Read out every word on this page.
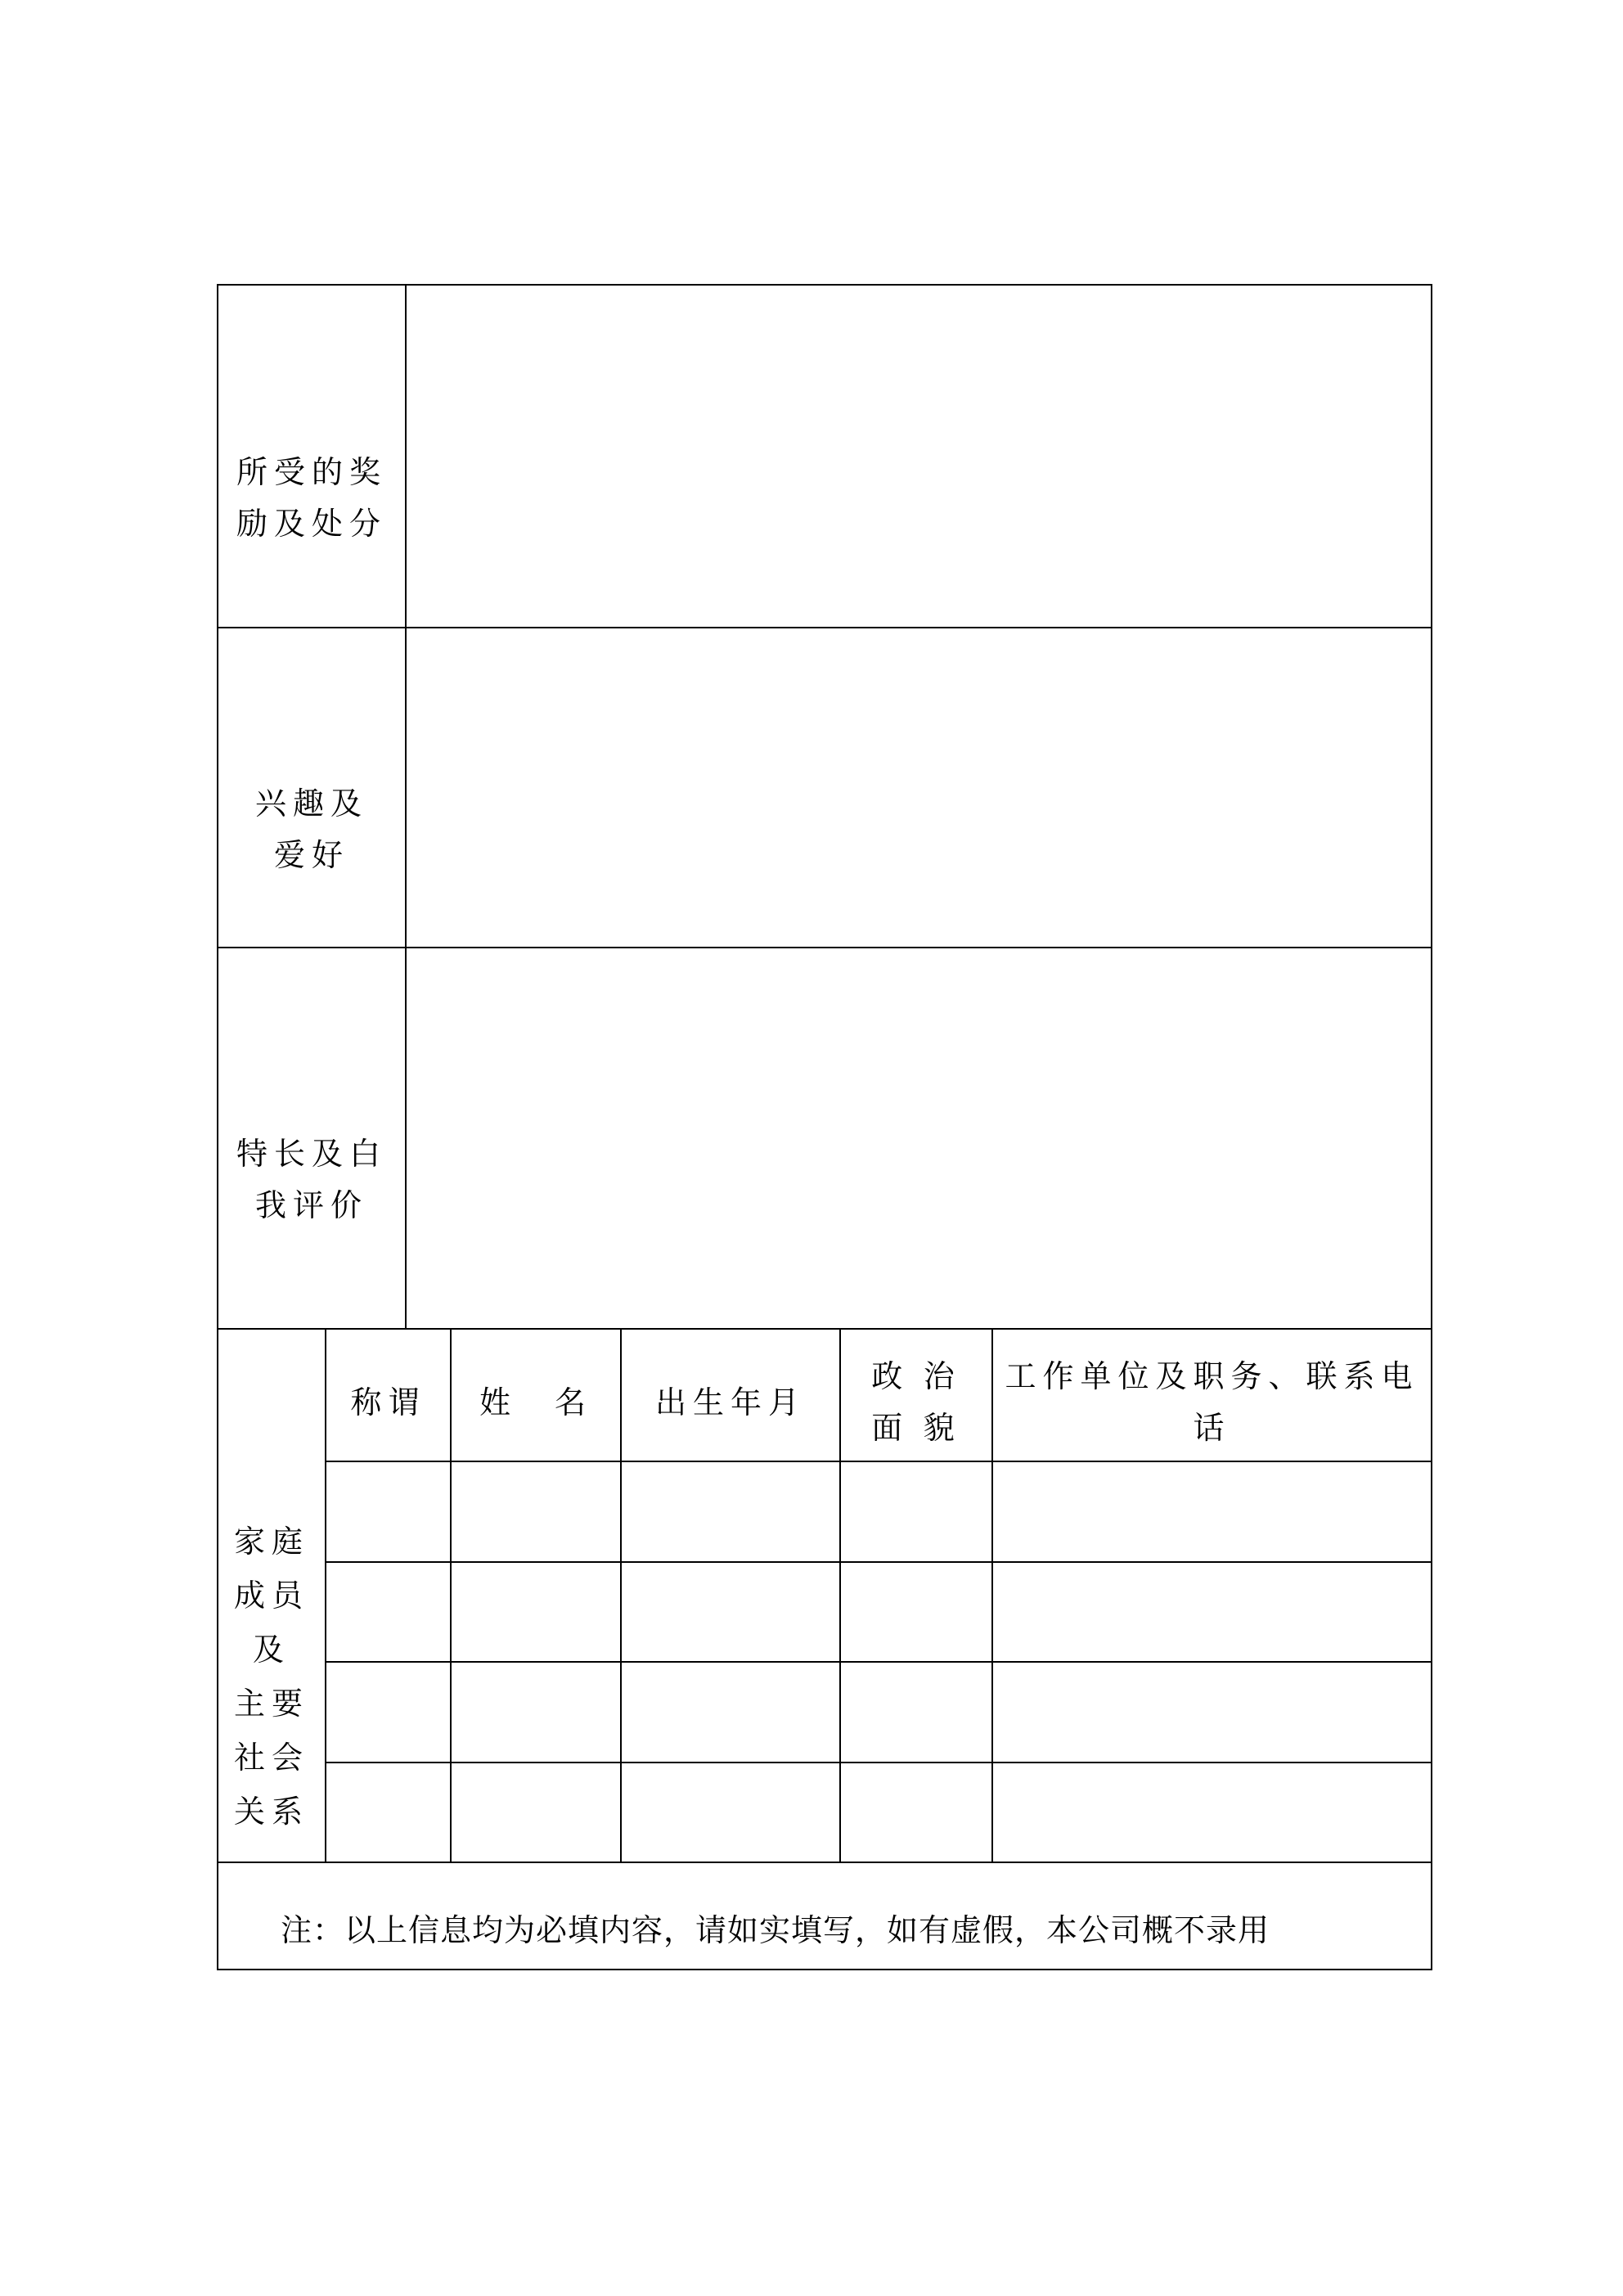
所受的奖
励及处分
兴趣及
爱好
特长及白
我评价
家庭
成员
及
主要
社会
关系
称谓 姓　名 出生年月
政 治
面 貌
工作单位及职务、联系电话
注：以上信息均为必填内容，请如实填写，如有虚假，本公司概不录用
